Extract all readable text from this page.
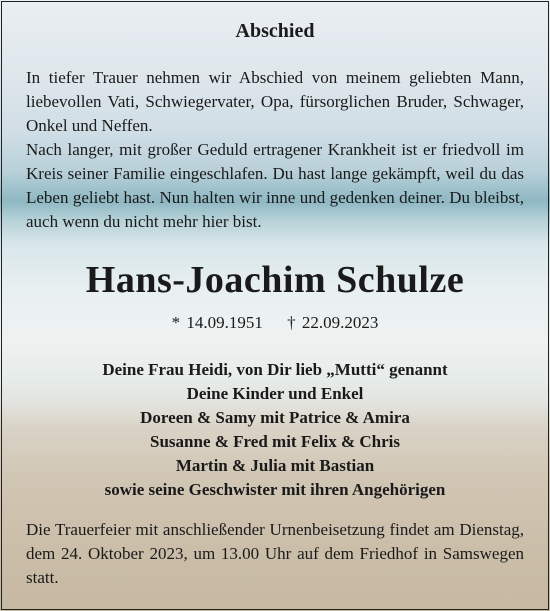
Abschied

In tiefer Trauer nehmen wir Abschied von meinem geliebten Mann, liebevollen Vati, Schwiegervater, Opa, fürsorglichen Bruder, Schwager, Onkel und Neffen.

Nach langer, mit großer Geduld ertragener Krankheit ist er friedvoll im Kreis seiner Familie eingeschlafen. Du hast lange gekämpft, weil du das Leben geliebt hast. Nun halten wir inne und gedenken deiner. Du bleibst, auch wenn du nicht mehr hier bist.

Hans-Joachim Schulze
* 14.09.1951 † 22.09.2023
Deine Frau Heidi, von Dir lieb „Mutti“ genannt
Deine Kinder und Enkel
Doreen & Samy mit Patrice & Amira
Susanne & Fred mit Felix & Chris
Martin & Julia mit Bastian
sowie seine Geschwister mit ihren Angehörigen

Die Trauerfeier mit anschließender Urnenbeisetzung findet am Dienstag, dem 24. Oktober 2023, um 13.00 Uhr auf dem Friedhof in Samswegen statt.
